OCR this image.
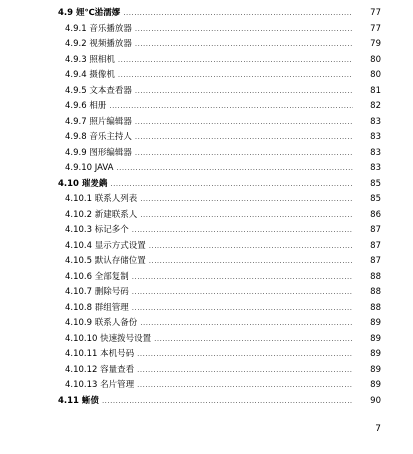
4.9 娌℃湁濡嫪 .....	77
4.9.1 音乐播放器 .....	77
4.9.2 视频播放器 .....	79
4.9.3 照相机 .....	80
4.9.4 摄像机 .....	80
4.9.5 文本查看器 .....	81
4.9.6 相册 .....	82
4.9.7 照片编辑器 .....	83
4.9.8 音乐主持人 .....	83
4.9.9 图形编辑器 .....	83
4.9.10 JAVA .....	83
4.10 璀夎鐫 .....	85
4.10.1 联系人列表 .....	85
4.10.2 新建联系人 .....	86
4.10.3 标记多个 .....	87
4.10.4 显示方式设置 .....	87
4.10.5 默认存储位置 .....	87
4.10.6 全部复制 .....	88
4.10.7 删除号码 .....	88
4.10.8 群组管理 .....	88
4.10.9 联系人备份 .....	89
4.10.10 快速拨号设置 .....	89
4.10.11 本机号码 .....	89
4.10.12 容量查看 .....	89
4.10.13 名片管理 .....	89
4.11 蜥偾 .....	90
7
